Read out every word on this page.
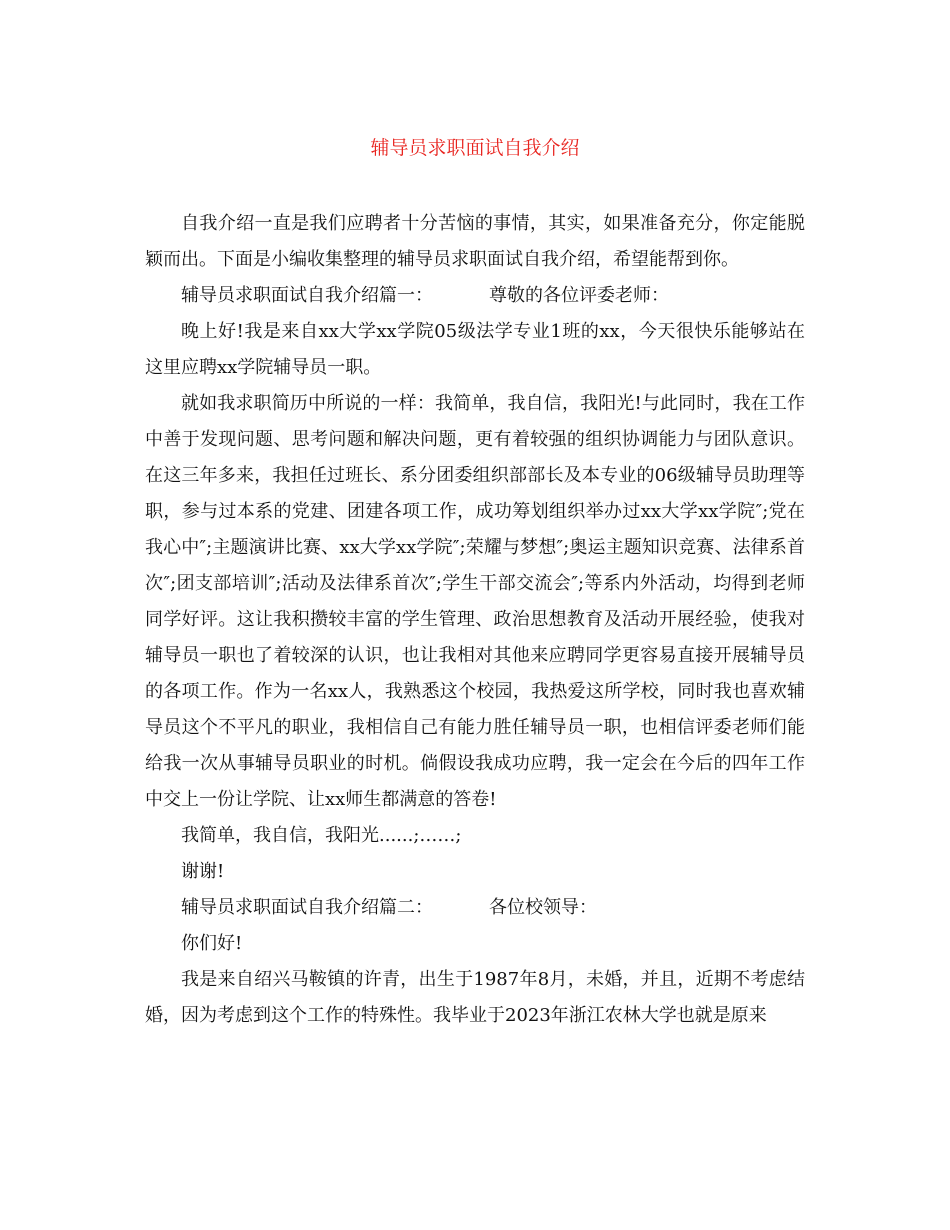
辅导员求职面试自我介绍

自我介绍一直是我们应聘者十分苦恼的事情，其实，如果准备充分，你定能脱颖而出。下面是小编收集整理的辅导员求职面试自我介绍，希望能帮到你。

辅导员求职面试自我介绍篇一：	尊敬的各位评委老师：

晚上好!我是来自xx大学xx学院05级法学专业1班的xx，今天很快乐能够站在这里应聘xx学院辅导员一职。

就如我求职简历中所说的一样：我简单，我自信，我阳光!与此同时，我在工作中善于发现问题、思考问题和解决问题，更有着较强的组织协调能力与团队意识。在这三年多来，我担任过班长、系分团委组织部部长及本专业的06级辅导员助理等职，参与过本系的党建、团建各项工作，成功筹划组织举办过xx大学xx学院″;党在我心中″;主题演讲比赛、xx大学xx学院″;荣耀与梦想″;奥运主题知识竞赛、法律系首次″;团支部培训″;活动及法律系首次″;学生干部交流会″;等系内外活动，均得到老师同学好评。这让我积攒较丰富的学生管理、政治思想教育及活动开展经验，使我对辅导员一职也了着较深的认识，也让我相对其他来应聘同学更容易直接开展辅导员的各项工作。作为一名xx人，我熟悉这个校园，我热爱这所学校，同时我也喜欢辅导员这个不平凡的职业，我相信自己有能力胜任辅导员一职，也相信评委老师们能给我一次从事辅导员职业的时机。倘假设我成功应聘，我一定会在今后的四年工作中交上一份让学院、让xx师生都满意的答卷!

我简单，我自信，我阳光......;……;

谢谢!

辅导员求职面试自我介绍篇二：	各位校领导：

你们好!

我是来自绍兴马鞍镇的许青，出生于1987年8月，未婚，并且，近期不考虑结婚，因为考虑到这个工作的特殊性。我毕业于2023年浙江农林大学也就是原来
